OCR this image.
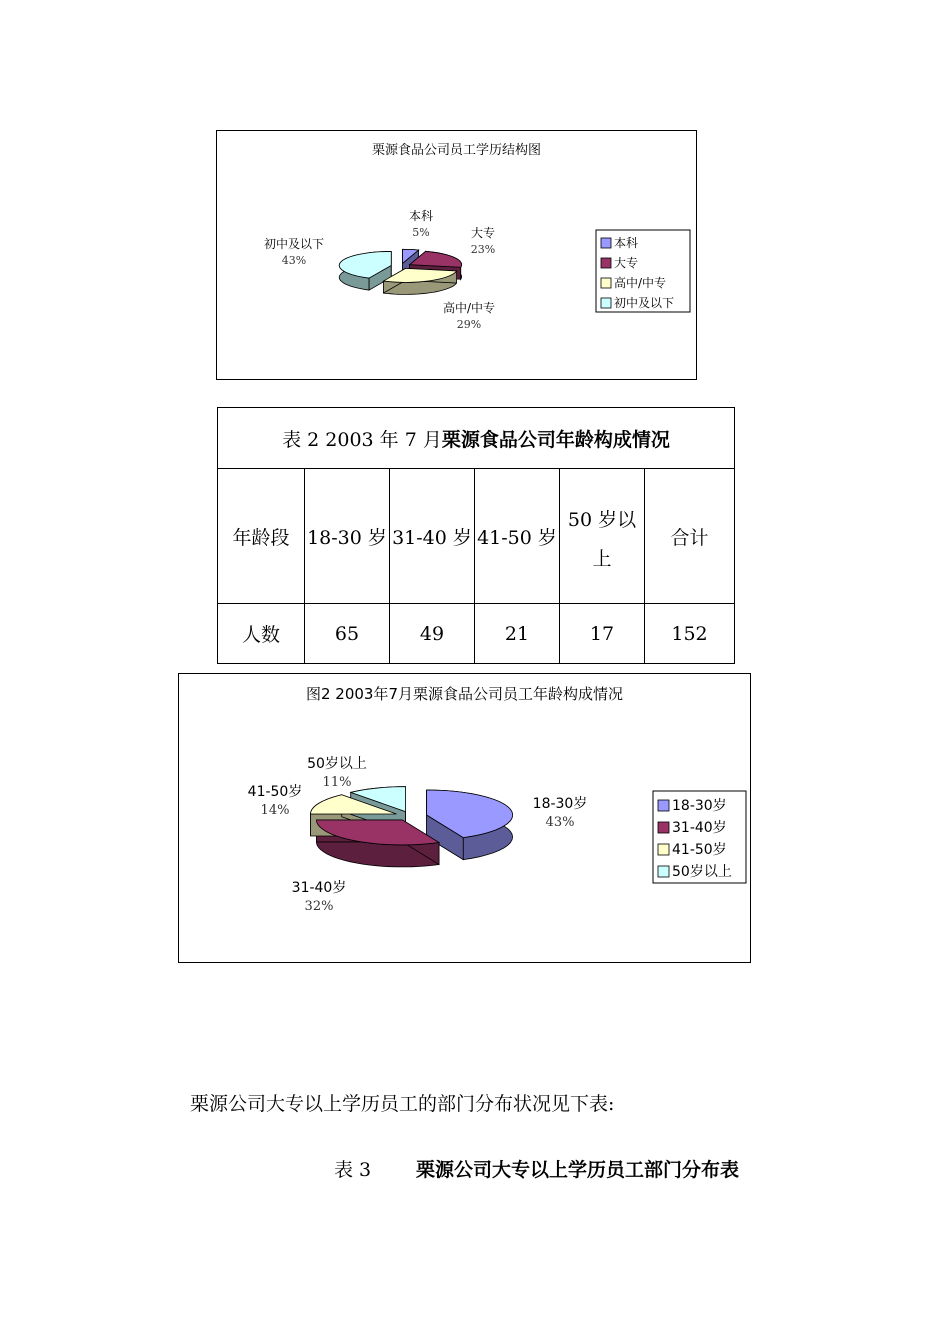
栗源食品公司员工学历结构图
本科
5%	大专
23%
高中/中专
29%
初中及以下
43%
本科
大专
高中/中专
初中及以下
表 2 2003 年 7 月栗源食品公司年龄构成情况					
年龄段	18-30 岁	31-40 岁	41-50 岁	50 岁以
上	合计
人数	65	49	21	17	152
图2 2003年7月栗源食品公司员工年龄构成情况
18-30岁
43%
31-40岁
32%
41-50岁
14%
50岁以上
11%
18-30岁
31-40岁
41-50岁
50岁以上
栗源公司大专以上学历员工的部门分布状况见下表:
表 3 栗源公司大专以上学历员工部门分布表
